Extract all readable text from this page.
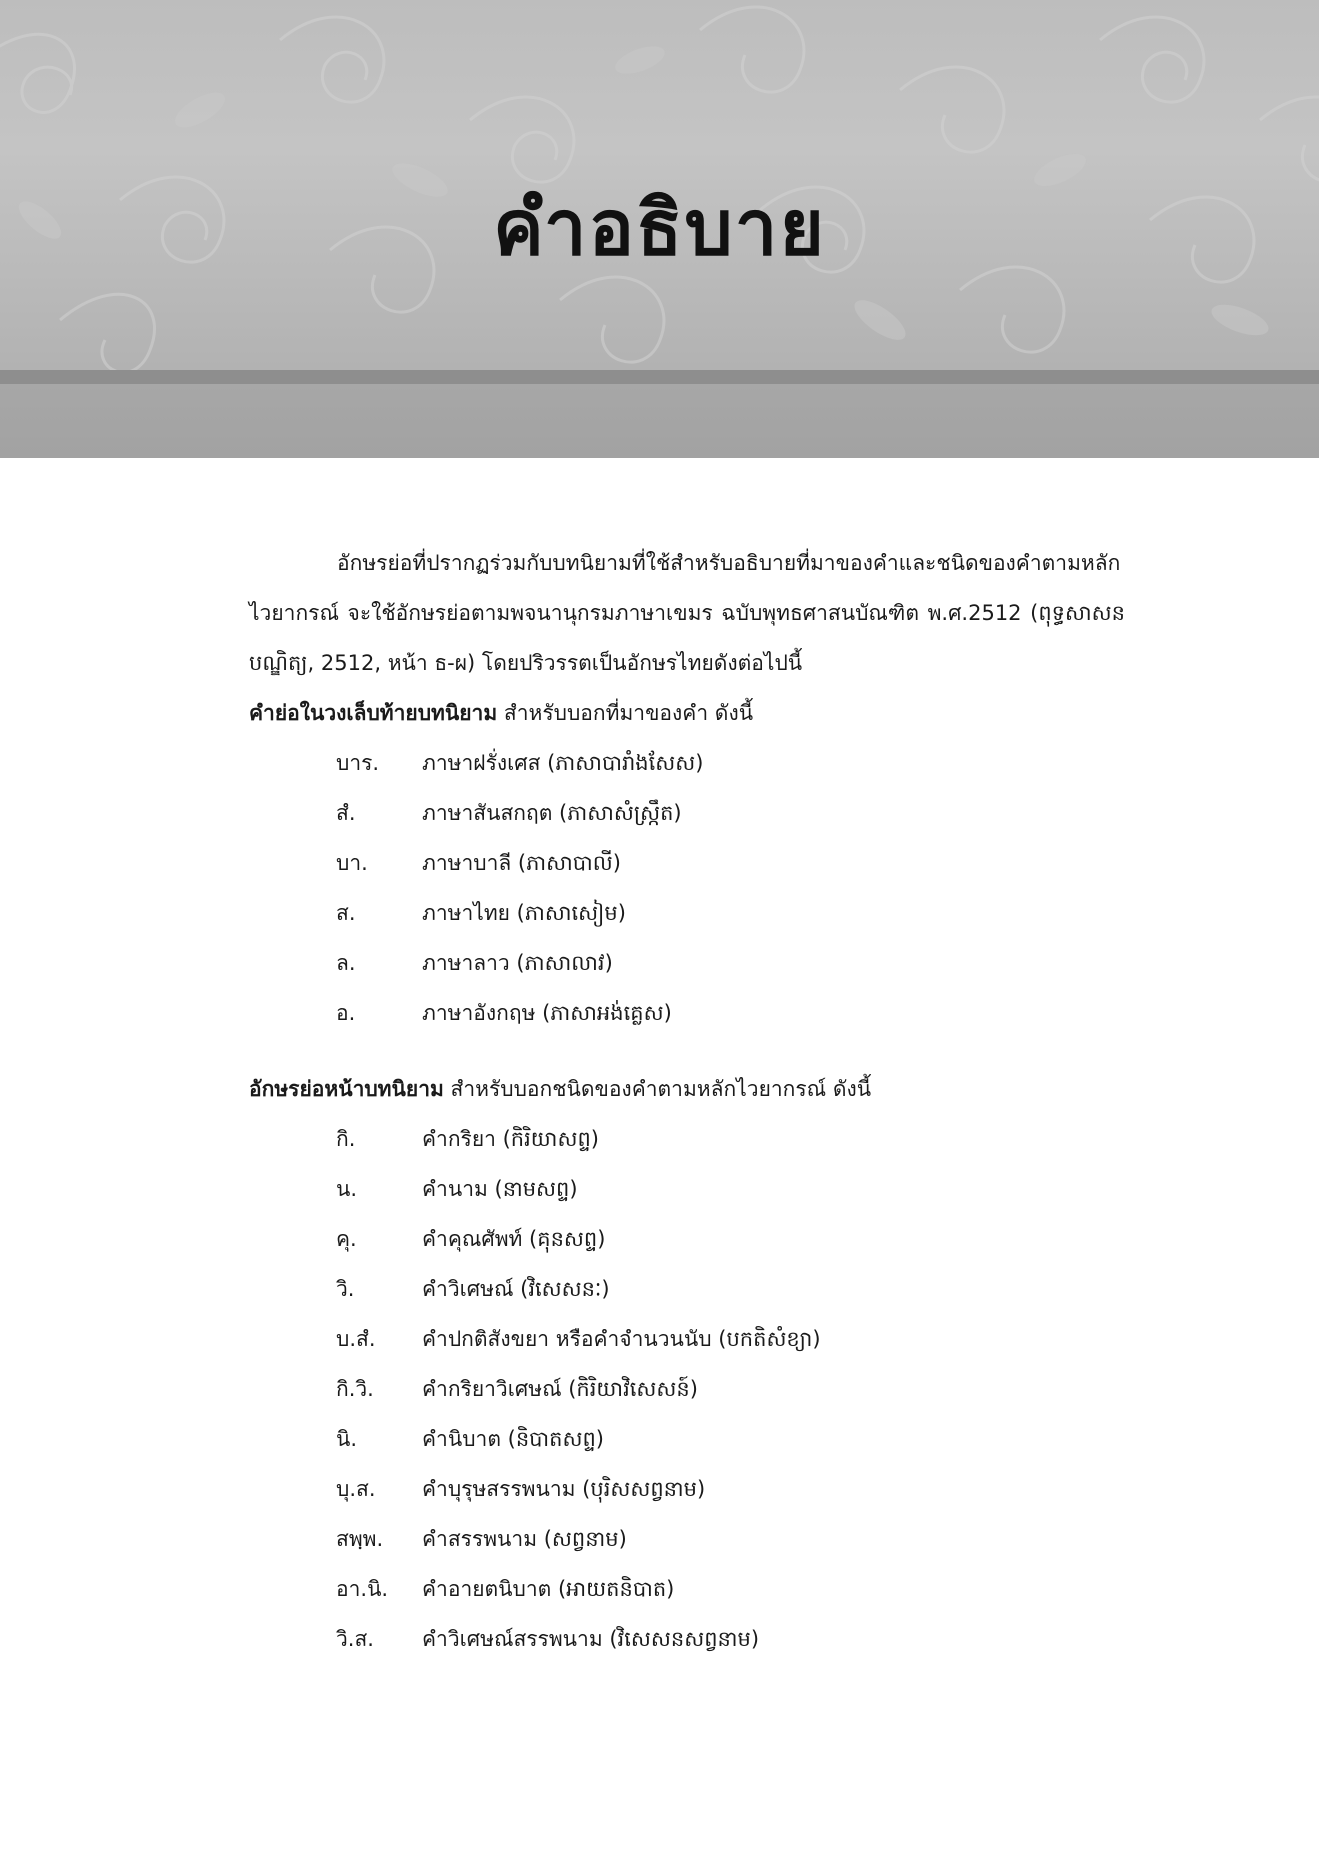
คำอธิบาย

อักษรย่อที่ปรากฏร่วมกับบทนิยามที่ใช้สำหรับอธิบายที่มาของคำและชนิดของคำตามหลักไวยากรณ์ จะใช้อักษรย่อตามพจนานุกรมภาษาเขมร ฉบับพุทธศาสนบัณฑิต พ.ศ.2512 (ពុទ្ធសាសនបណ្ឌិត្យ, 2512, หน้า ธ-ผ) โดยปริวรรตเป็นอักษรไทยดังต่อไปนี้

คำย่อในวงเล็บท้ายบทนิยาม สำหรับบอกที่มาของคำ ดังนี้

บาร.	ภาษาฝรั่งเศส (ភាសាបារាំងសែស)
สํ.	ภาษาสันสกฤต (ភាសាសំស្ក្រឹត)
บา.	ภาษาบาลี (ភាសាបាលី)
ส.	ภาษาไทย (ភាសាសៀម)
ล.	ภาษาลาว (ភាសាលាវ)
อ.	ภาษาอังกฤษ (ភាសាអង់គ្លេស)

อักษรย่อหน้าบทนิยาม สำหรับบอกชนิดของคำตามหลักไวยากรณ์ ดังนี้

กิ.	คำกริยา (កិរិយាសព្ទ)
น.	คำนาม (នាមសព្ទ)
คุ.	คำคุณศัพท์ (គុនសព្ទ)
วิ.	คำวิเศษณ์ (វិសេសនៈ)
บ.สํ.	คำปกติสังขยา หรือคำจำนวนนับ (បកតិសំខ្យា)
กิ.วิ.	คำกริยาวิเศษณ์ (កិរិយាវិសេសន៍)
นิ.	คำนิบาต (និបាតសព្ទ)
บุ.ส.	คำบุรุษสรรพนาม (បុរិសសព្វនាម)
สพฺพ.	คำสรรพนาม (សព្វនាម)
อา.นิ.	คำอายตนิบาต (អាយតនិបាត)
วิ.ส.	คำวิเศษณ์สรรพนาม (វិសេសនសព្វនាម)
